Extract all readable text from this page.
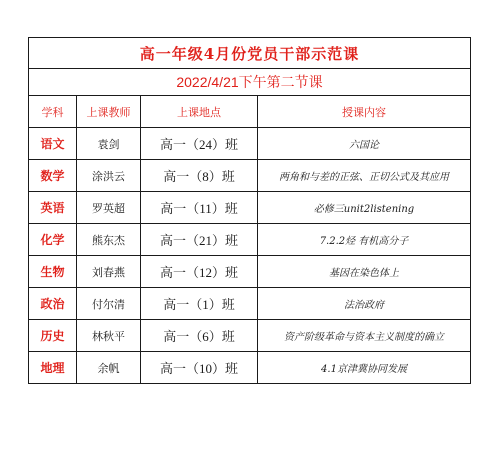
高一年级4月份党员干部示范课			
2022/4/21下午第二节课			
学科	上课教师	上课地点	授课内容
语文	袁剑	高一（24）班	六国论
数学	涂洪云	高一（8）班	两角和与差的正弦、正切公式及其应用
英语	罗英超	高一（11）班	必修三unit2listening
化学	熊东杰	高一（21）班	7.2.2烃 有机高分子
生物	刘春燕	高一（12）班	基因在染色体上
政治	付尔清	高一（1）班	法治政府
历史	林秋平	高一（6）班	资产阶级革命与资本主义制度的确立
地理	余帆	高一（10）班	4.1京津冀协同发展
